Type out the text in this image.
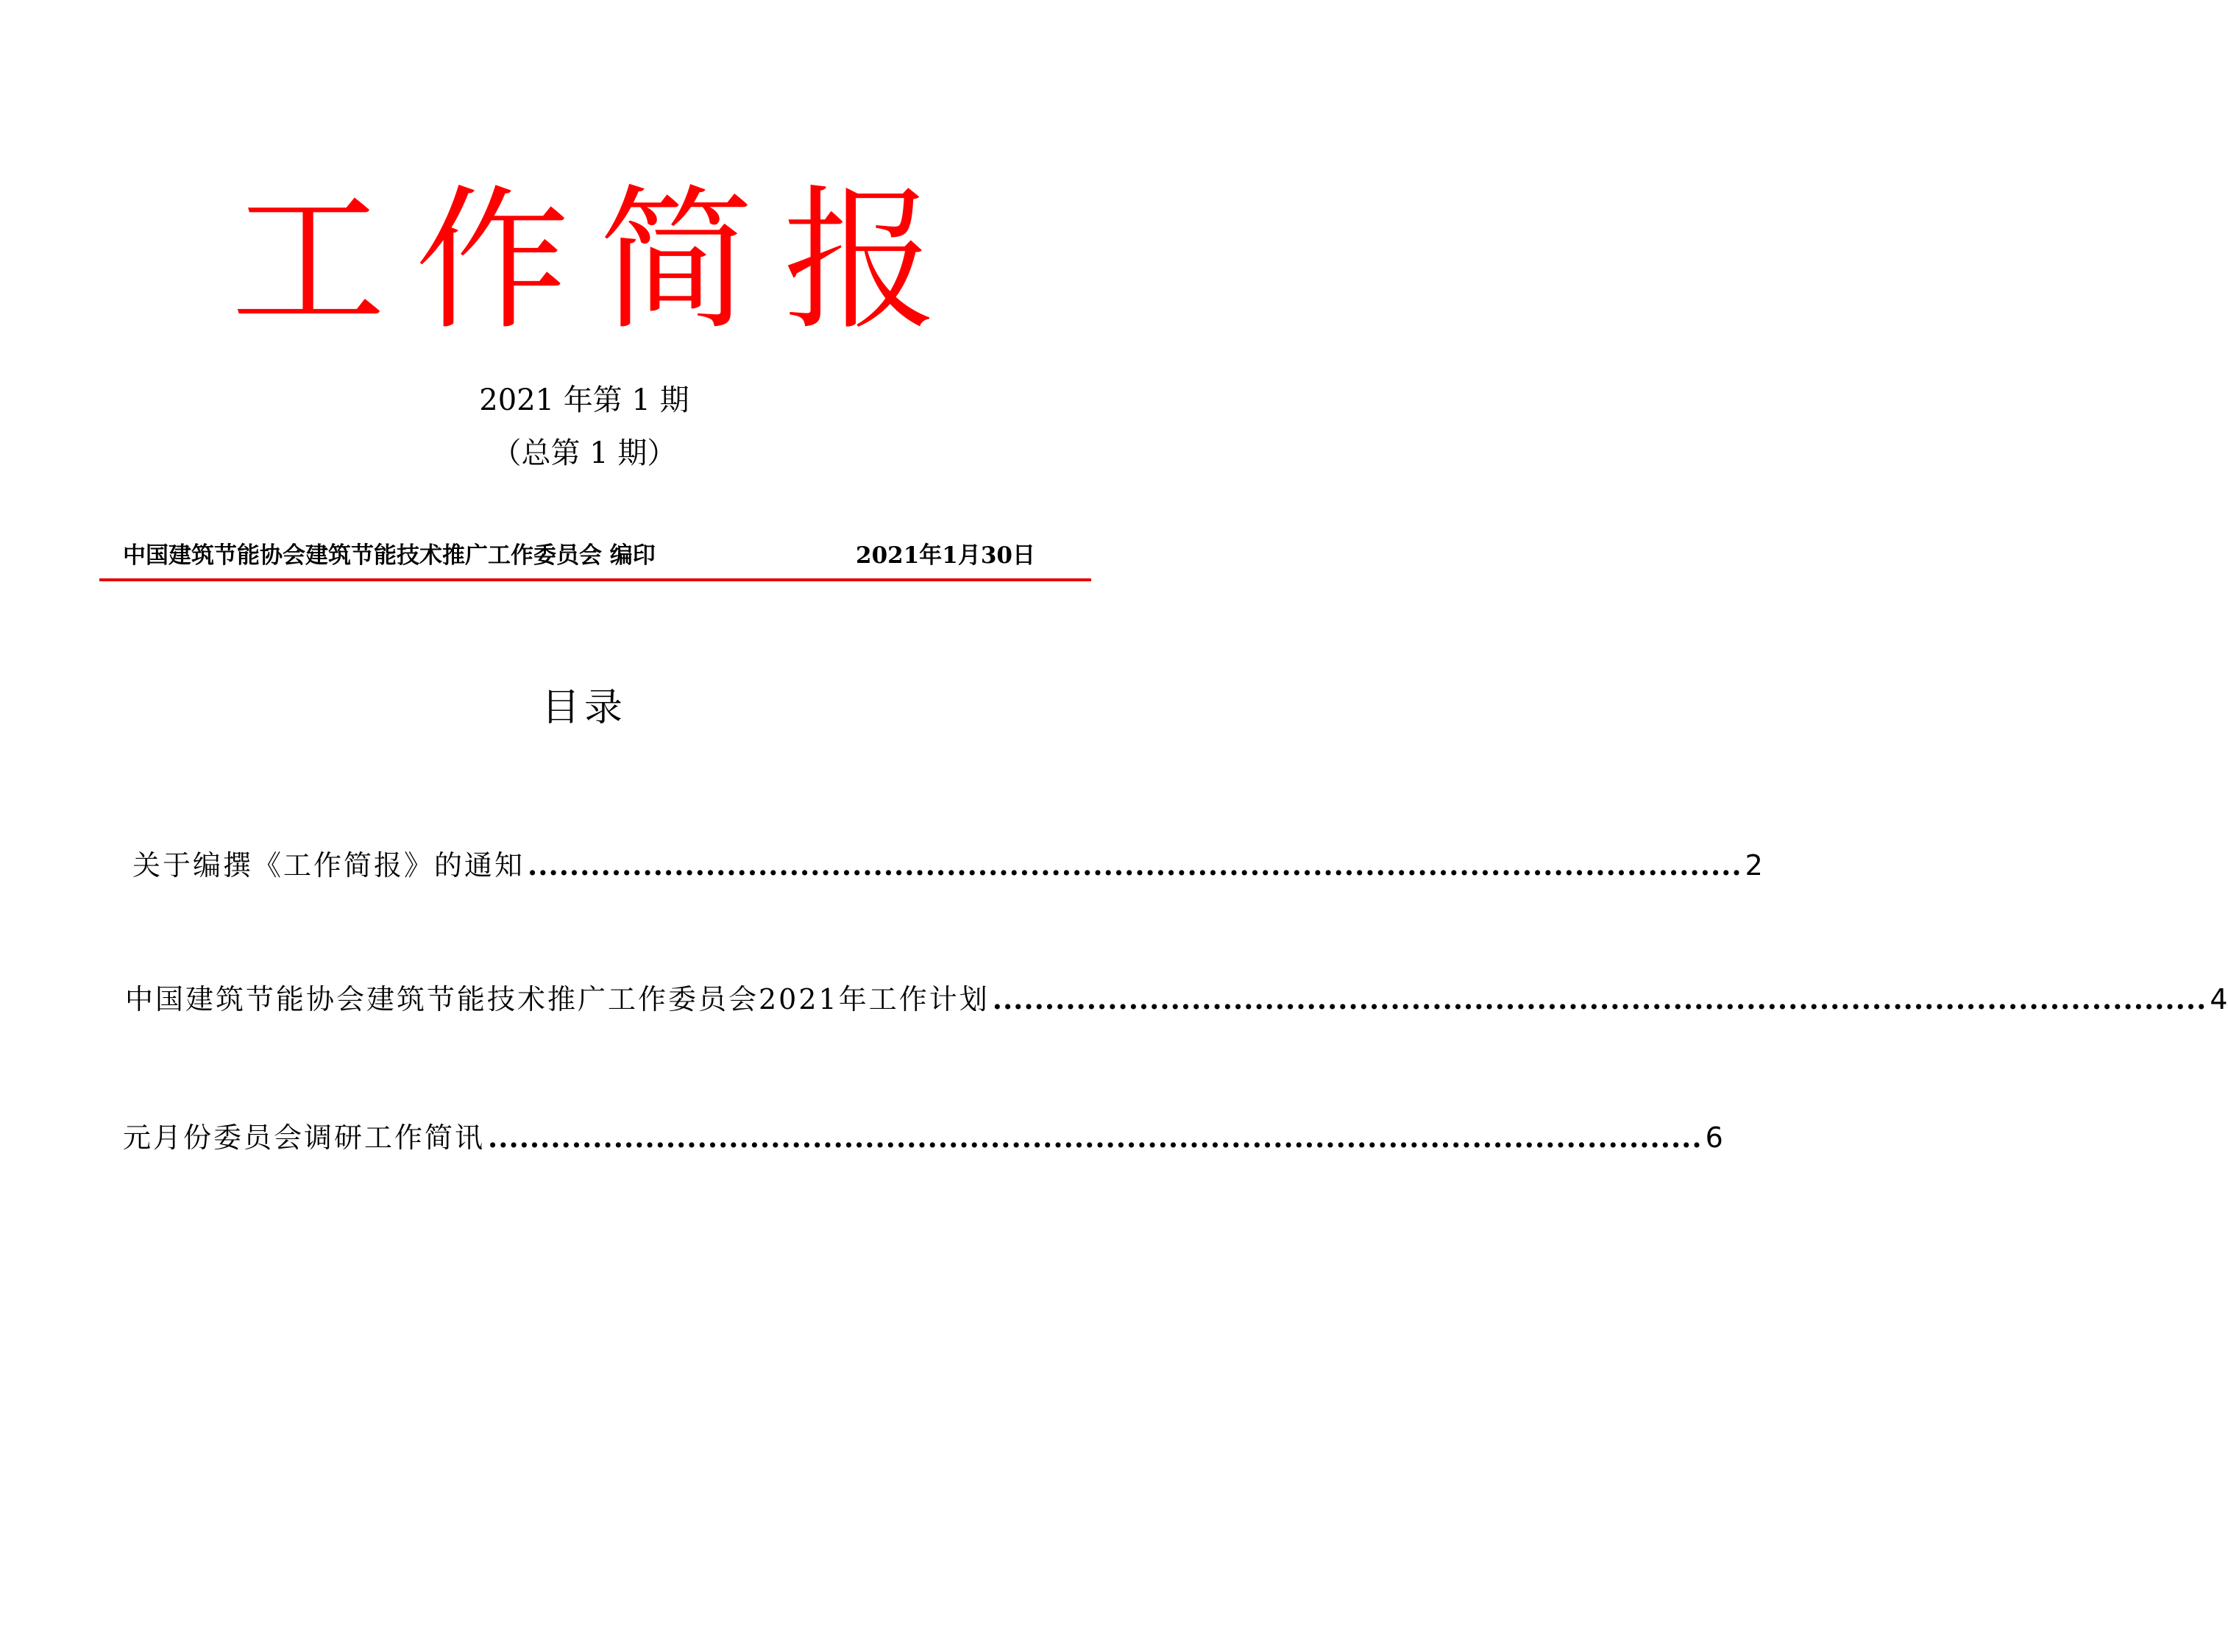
工作简报
2021 年第 1 期
（总第 1 期）
中国建筑节能协会建筑节能技术推广工作委员会 编印	2021年1月30日
目录
关于编撰《工作简报》的通知 .................................................................................................................... 2
中国建筑节能协会建筑节能技术推广工作委员会2021年工作计划 .................................................................................................................... 4
元月份委员会调研工作简讯 .................................................................................................................... 6
